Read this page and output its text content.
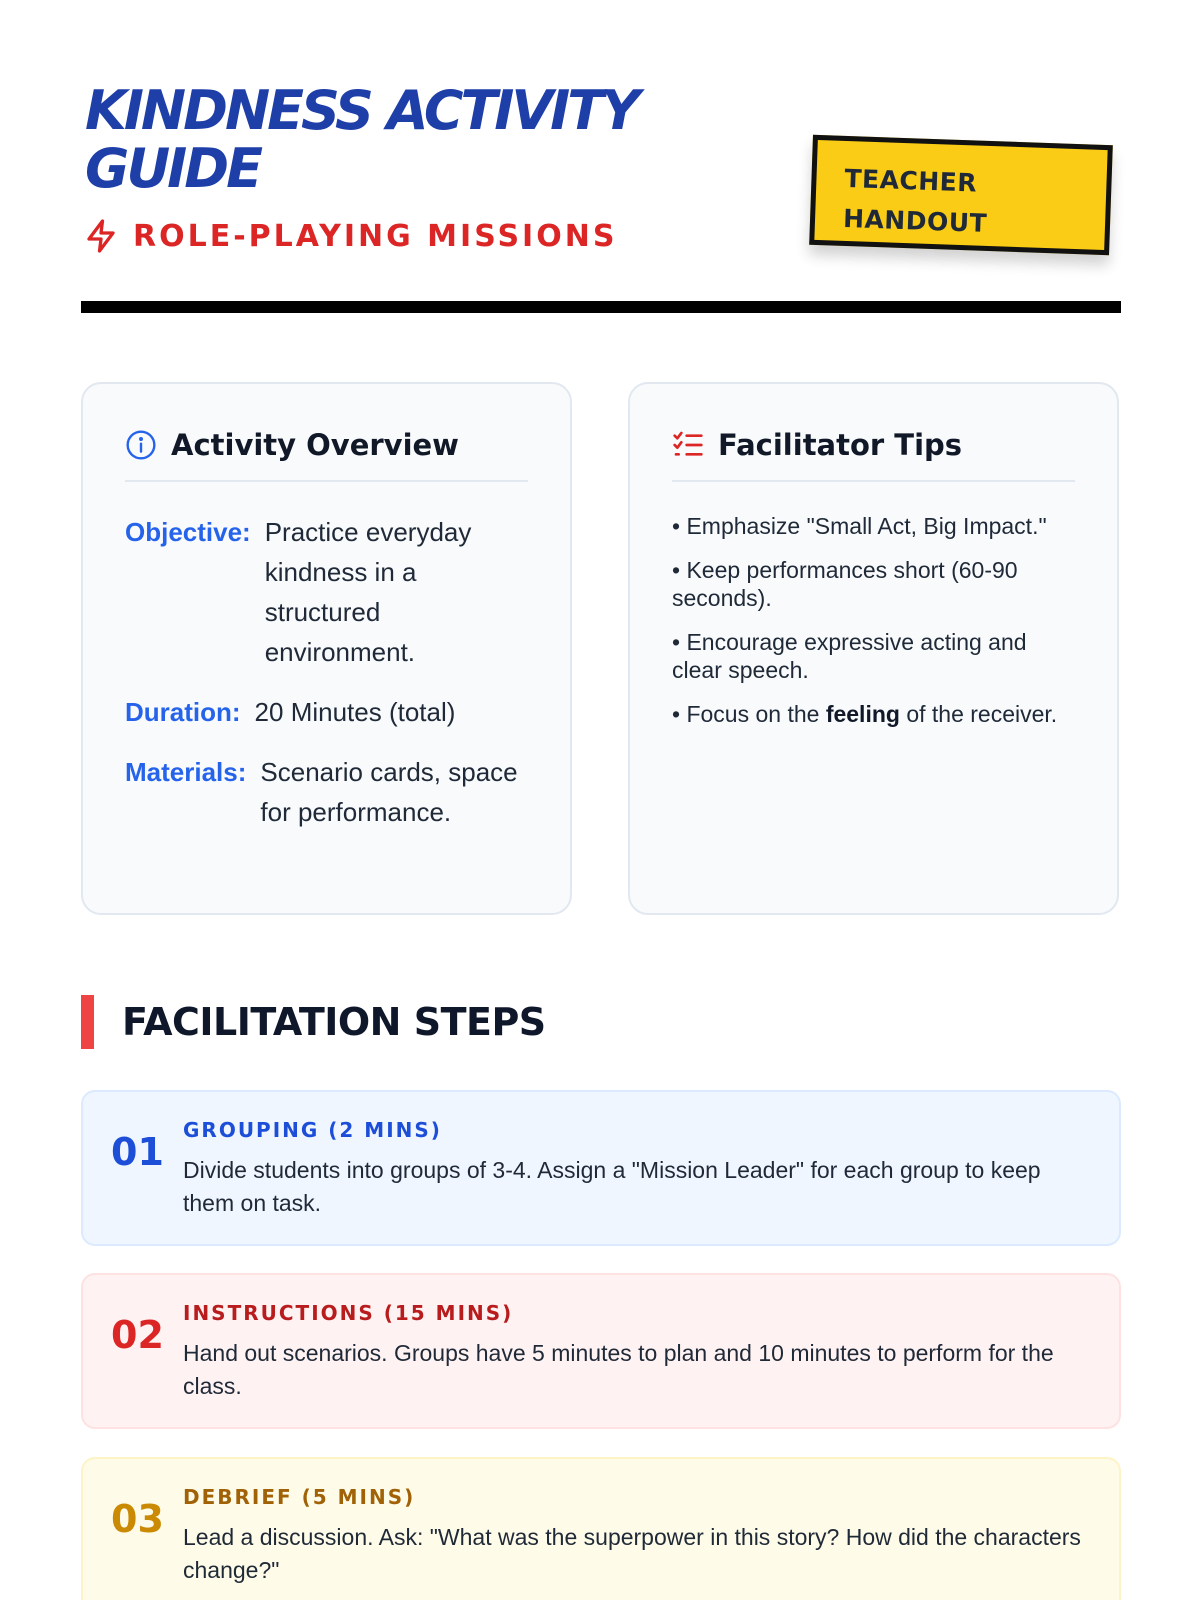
KINDNESS ACTIVITY GUIDE
ROLE-PLAYING MISSIONS
TEACHER HANDOUT
Activity Overview
Objective: Practice everyday kindness in a structured environment.
Duration: 20 Minutes (total)
Materials: Scenario cards, space for performance.
Facilitator Tips
• Emphasize "Small Act, Big Impact."
• Keep performances short (60-90 seconds).
• Encourage expressive acting and clear speech.
• Focus on the feeling of the receiver.
FACILITATION STEPS
01 GROUPING (2 MINS)
Divide students into groups of 3-4. Assign a "Mission Leader" for each group to keep them on task.
02 INSTRUCTIONS (15 MINS)
Hand out scenarios. Groups have 5 minutes to plan and 10 minutes to perform for the class.
03 DEBRIEF (5 MINS)
Lead a discussion. Ask: "What was the superpower in this story? How did the characters change?"
